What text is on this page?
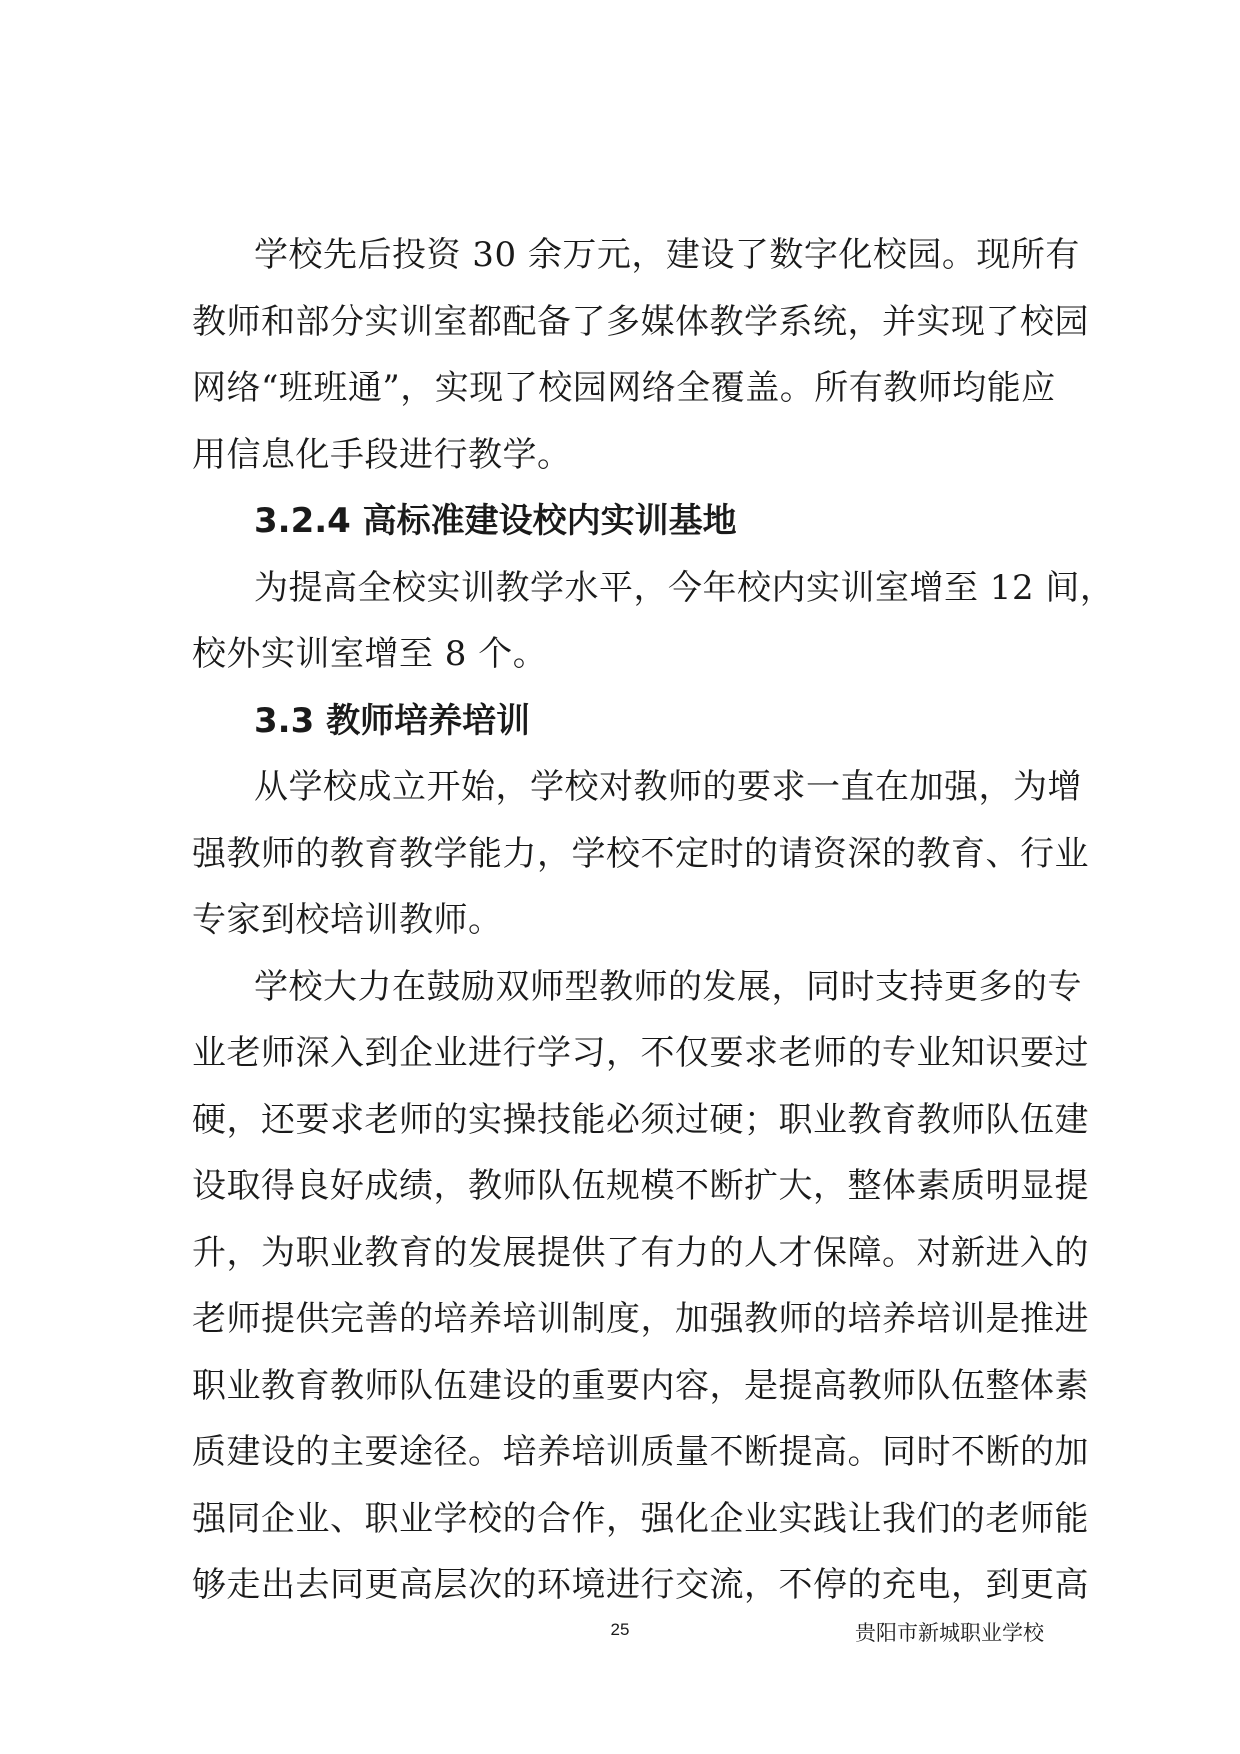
学校先后投资 30 余万元，建设了数字化校园。现所有
教师和部分实训室都配备了多媒体教学系统，并实现了校园
网络“班班通”，实现了校园网络全覆盖。所有教师均能应
用信息化手段进行教学。
3.2.4 高标准建设校内实训基地
为提高全校实训教学水平，今年校内实训室增至 12 间，
校外实训室增至 8 个。
3.3 教师培养培训
从学校成立开始，学校对教师的要求一直在加强，为增
强教师的教育教学能力，学校不定时的请资深的教育、行业
专家到校培训教师。
学校大力在鼓励双师型教师的发展，同时支持更多的专
业老师深入到企业进行学习，不仅要求老师的专业知识要过
硬，还要求老师的实操技能必须过硬；职业教育教师队伍建
设取得良好成绩，教师队伍规模不断扩大，整体素质明显提
升，为职业教育的发展提供了有力的人才保障。对新进入的
老师提供完善的培养培训制度，加强教师的培养培训是推进
职业教育教师队伍建设的重要内容，是提高教师队伍整体素
质建设的主要途径。培养培训质量不断提高。同时不断的加
强同企业、职业学校的合作，强化企业实践让我们的老师能
够走出去同更高层次的环境进行交流，不停的充电，到更高
25	贵阳市新城职业学校
